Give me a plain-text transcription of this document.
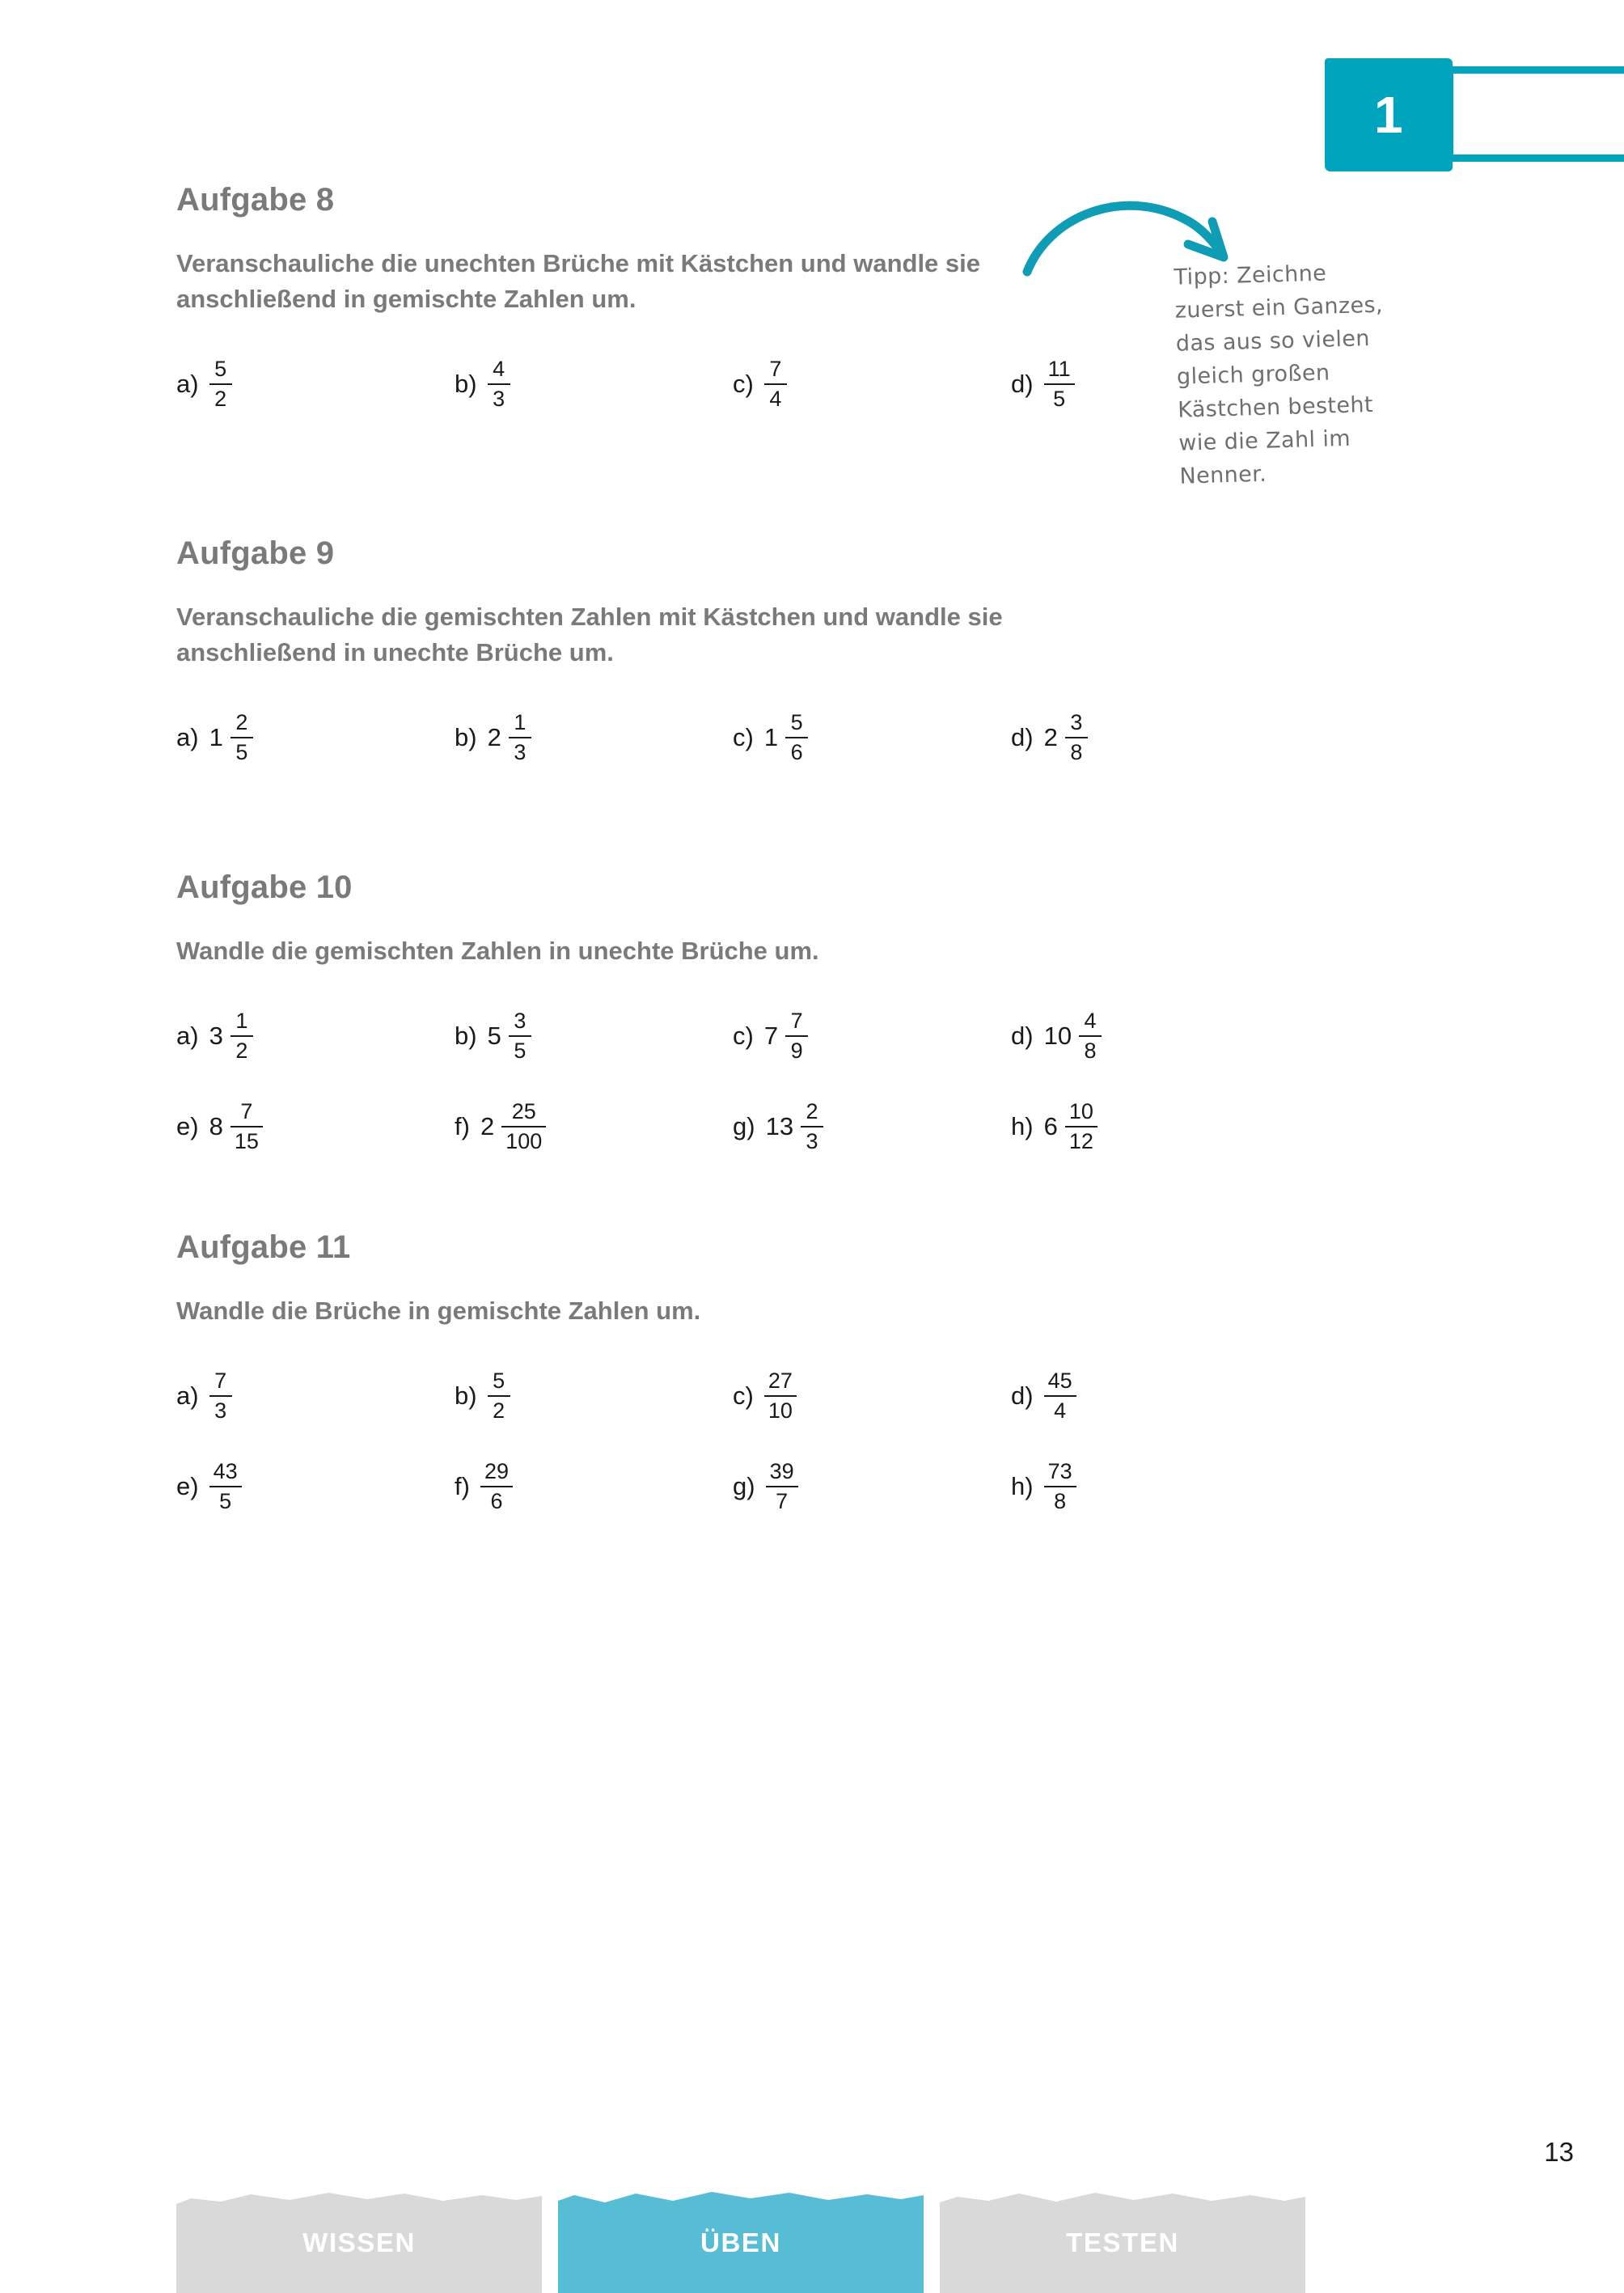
1
Tipp: Zeichne
zuerst ein Ganzes,
das aus so vielen
gleich großen
Kästchen besteht
wie die Zahl im
Nenner.
Aufgabe 8

Veranschauliche die unechten Brüche mit Kästchen und wandle sie anschließend in gemischte Zahlen um.

$a) \frac{5}{2}$	$b) \frac{4}{3}$	$c) \frac{7}{4}$	$d) \frac{11}{5}$
Aufgabe 9

Veranschauliche die gemischten Zahlen mit Kästchen und wandle sie anschließend in unechte Brüche um.

a) $1 \frac{2}{5}$	b) $2 \frac{1}{3}$	c) $1 \frac{5}{6}$	d) $2 \frac{3}{8}$
Aufgabe 10

Wandle die gemischten Zahlen in unechte Brüche um.

a) $3 \frac{1}{2}$	b) $5 \frac{3}{5}$	c) $7 \frac{7}{9}$	d) $10 \frac{4}{8}$
e) $8 \frac{7}{15}$	f) $2 \frac{25}{100}$	g) $13 \frac{2}{3}$	h) $6 \frac{10}{12}$
Aufgabe 11

Wandle die Brüche in gemischte Zahlen um.

$a) \frac{7}{3}$	$b) \frac{5}{2}$	$c) \frac{27}{10}$	$d) \frac{45}{4}$
$e) \frac{43}{5}$	$f) \frac{29}{6}$	$g) \frac{39}{7}$	$h) \frac{73}{8}$
WISSEN	ÜBEN	TESTEN
13
